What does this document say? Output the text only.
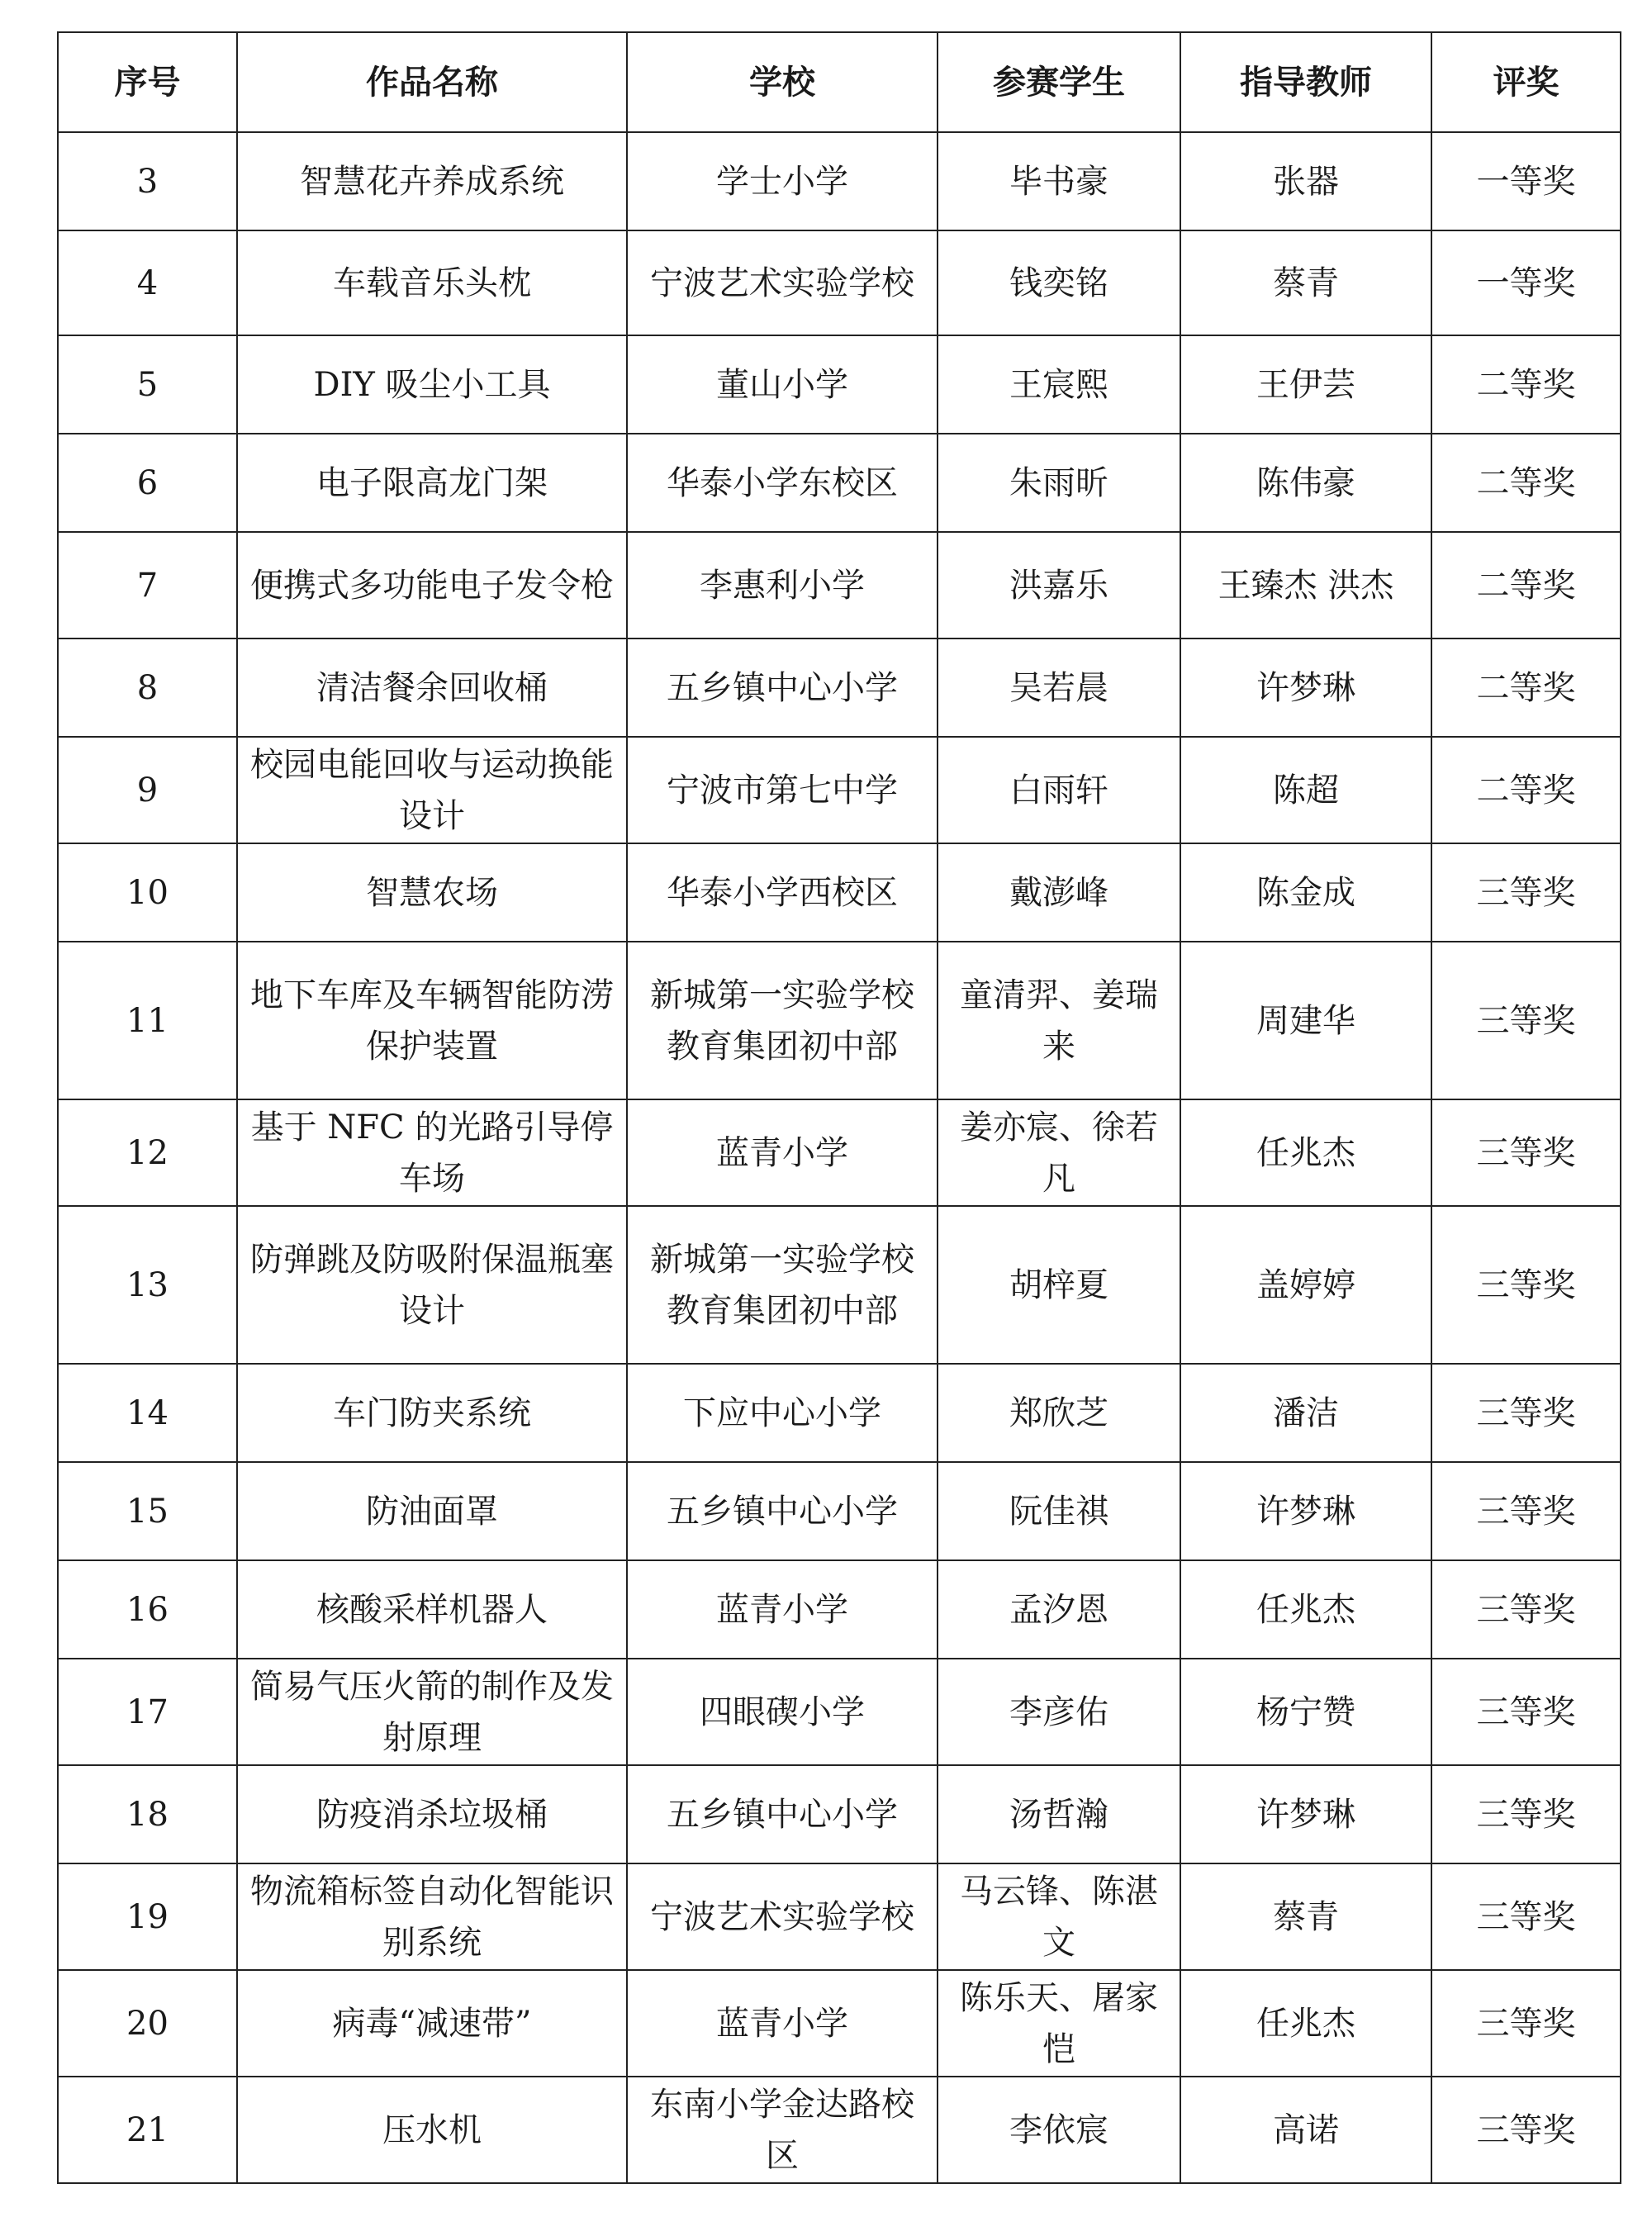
序号	作品名称	学校	参赛学生	指导教师	评奖
3	智慧花卉养成系统	学士小学	毕书豪	张器	一等奖
4	车载音乐头枕	宁波艺术实验学校	钱奕铭	蔡青	一等奖
5	DIY 吸尘小工具	董山小学	王宸熙	王伊芸	二等奖
6	电子限高龙门架	华泰小学东校区	朱雨昕	陈伟豪	二等奖
7	便携式多功能电子发令枪	李惠利小学	洪嘉乐	王臻杰 洪杰	二等奖
8	清洁餐余回收桶	五乡镇中心小学	吴若晨	许梦琳	二等奖
9	校园电能回收与运动换能设计	宁波市第七中学	白雨轩	陈超	二等奖
10	智慧农场	华泰小学西校区	戴澎峰	陈金成	三等奖
11	地下车库及车辆智能防涝保护装置	新城第一实验学校教育集团初中部	童清羿、姜瑞来	周建华	三等奖
12	基于 NFC 的光路引导停车场	蓝青小学	姜亦宸、徐若凡	任兆杰	三等奖
13	防弹跳及防吸附保温瓶塞设计	新城第一实验学校教育集团初中部	胡梓夏	盖婷婷	三等奖
14	车门防夹系统	下应中心小学	郑欣芝	潘洁	三等奖
15	防油面罩	五乡镇中心小学	阮佳祺	许梦琳	三等奖
16	核酸采样机器人	蓝青小学	孟汐恩	任兆杰	三等奖
17	简易气压火箭的制作及发射原理	四眼碶小学	李彦佑	杨宁赞	三等奖
18	防疫消杀垃圾桶	五乡镇中心小学	汤哲瀚	许梦琳	三等奖
19	物流箱标签自动化智能识别系统	宁波艺术实验学校	马云锋、陈湛文	蔡青	三等奖
20	病毒“减速带”	蓝青小学	陈乐天、屠家恺	任兆杰	三等奖
21	压水机	东南小学金达路校区	李依宸	高诺	三等奖
